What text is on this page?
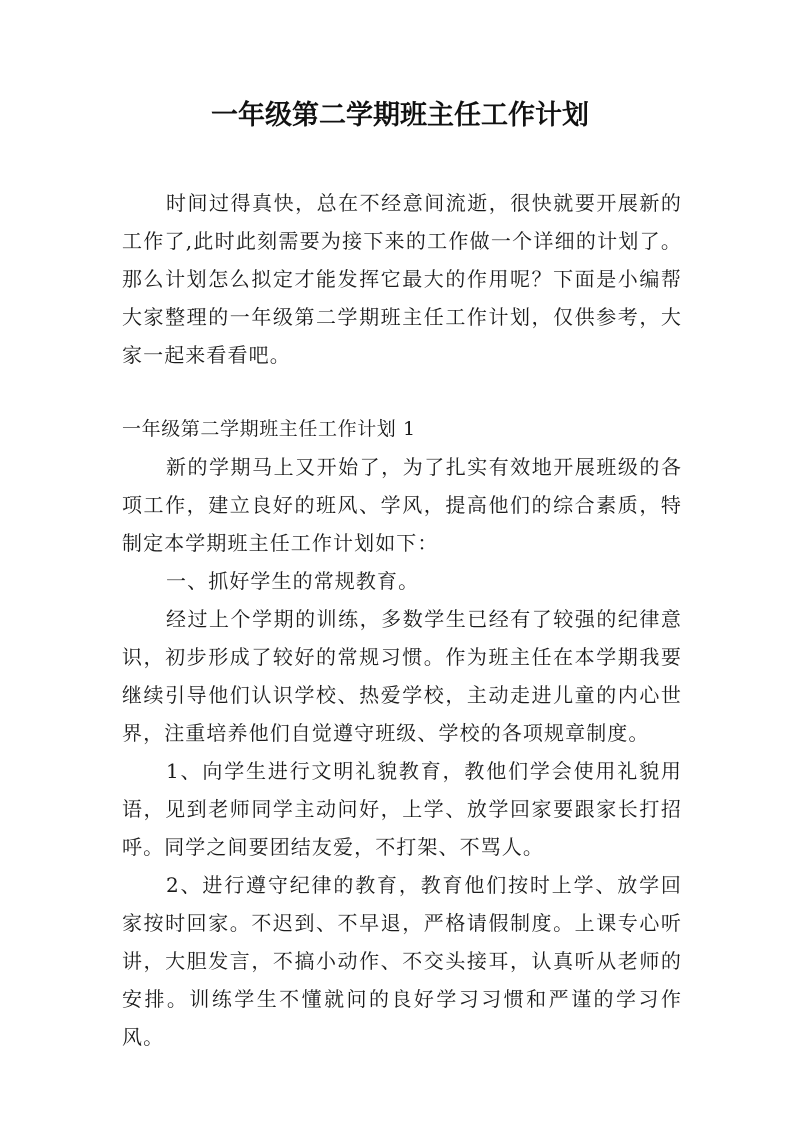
一年级第二学期班主任工作计划

时间过得真快，总在不经意间流逝，很快就要开展新的工作了,此时此刻需要为接下来的工作做一个详细的计划了。那么计划怎么拟定才能发挥它最大的作用呢？下面是小编帮大家整理的一年级第二学期班主任工作计划，仅供参考，大家一起来看看吧。

一年级第二学期班主任工作计划 1

新的学期马上又开始了，为了扎实有效地开展班级的各项工作，建立良好的班风、学风，提高他们的综合素质，特制定本学期班主任工作计划如下：

一、抓好学生的常规教育。

经过上个学期的训练，多数学生已经有了较强的纪律意识，初步形成了较好的常规习惯。作为班主任在本学期我要继续引导他们认识学校、热爱学校，主动走进儿童的内心世界，注重培养他们自觉遵守班级、学校的各项规章制度。

1、向学生进行文明礼貌教育，教他们学会使用礼貌用语，见到老师同学主动问好，上学、放学回家要跟家长打招呼。同学之间要团结友爱，不打架、不骂人。

2、进行遵守纪律的教育，教育他们按时上学、放学回家按时回家。不迟到、不早退，严格请假制度。上课专心听讲，大胆发言，不搞小动作、不交头接耳，认真听从老师的安排。训练学生不懂就问的良好学习习惯和严谨的学习作风。
